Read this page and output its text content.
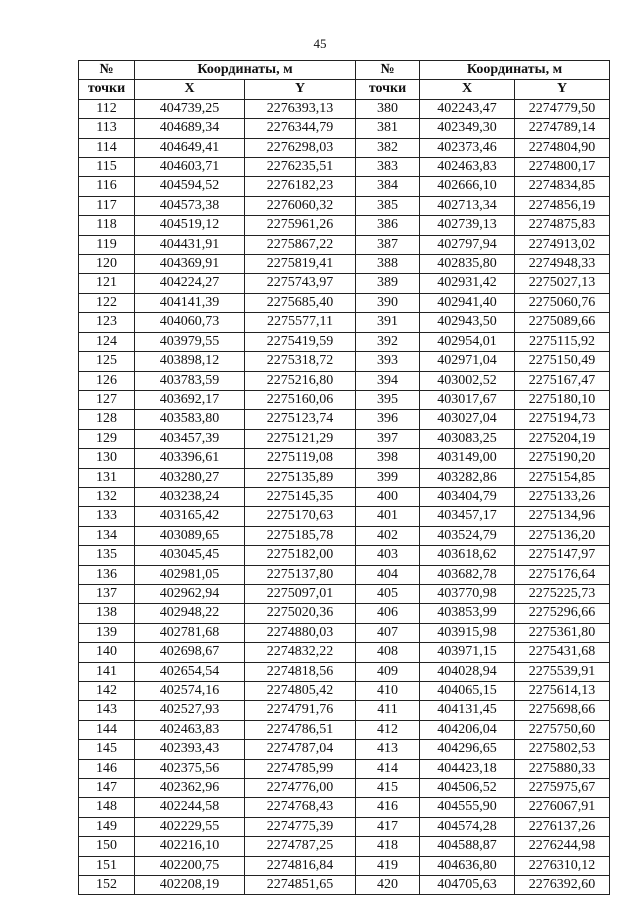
45
№	Координаты, м		№	Координаты, м	
точки	X	Y	точки	X	Y
112	404739,25	2276393,13	380	402243,47	2274779,50
113	404689,34	2276344,79	381	402349,30	2274789,14
114	404649,41	2276298,03	382	402373,46	2274804,90
115	404603,71	2276235,51	383	402463,83	2274800,17
116	404594,52	2276182,23	384	402666,10	2274834,85
117	404573,38	2276060,32	385	402713,34	2274856,19
118	404519,12	2275961,26	386	402739,13	2274875,83
119	404431,91	2275867,22	387	402797,94	2274913,02
120	404369,91	2275819,41	388	402835,80	2274948,33
121	404224,27	2275743,97	389	402931,42	2275027,13
122	404141,39	2275685,40	390	402941,40	2275060,76
123	404060,73	2275577,11	391	402943,50	2275089,66
124	403979,55	2275419,59	392	402954,01	2275115,92
125	403898,12	2275318,72	393	402971,04	2275150,49
126	403783,59	2275216,80	394	403002,52	2275167,47
127	403692,17	2275160,06	395	403017,67	2275180,10
128	403583,80	2275123,74	396	403027,04	2275194,73
129	403457,39	2275121,29	397	403083,25	2275204,19
130	403396,61	2275119,08	398	403149,00	2275190,20
131	403280,27	2275135,89	399	403282,86	2275154,85
132	403238,24	2275145,35	400	403404,79	2275133,26
133	403165,42	2275170,63	401	403457,17	2275134,96
134	403089,65	2275185,78	402	403524,79	2275136,20
135	403045,45	2275182,00	403	403618,62	2275147,97
136	402981,05	2275137,80	404	403682,78	2275176,64
137	402962,94	2275097,01	405	403770,98	2275225,73
138	402948,22	2275020,36	406	403853,99	2275296,66
139	402781,68	2274880,03	407	403915,98	2275361,80
140	402698,67	2274832,22	408	403971,15	2275431,68
141	402654,54	2274818,56	409	404028,94	2275539,91
142	402574,16	2274805,42	410	404065,15	2275614,13
143	402527,93	2274791,76	411	404131,45	2275698,66
144	402463,83	2274786,51	412	404206,04	2275750,60
145	402393,43	2274787,04	413	404296,65	2275802,53
146	402375,56	2274785,99	414	404423,18	2275880,33
147	402362,96	2274776,00	415	404506,52	2275975,67
148	402244,58	2274768,43	416	404555,90	2276067,91
149	402229,55	2274775,39	417	404574,28	2276137,26
150	402216,10	2274787,25	418	404588,87	2276244,98
151	402200,75	2274816,84	419	404636,80	2276310,12
152	402208,19	2274851,65	420	404705,63	2276392,60
